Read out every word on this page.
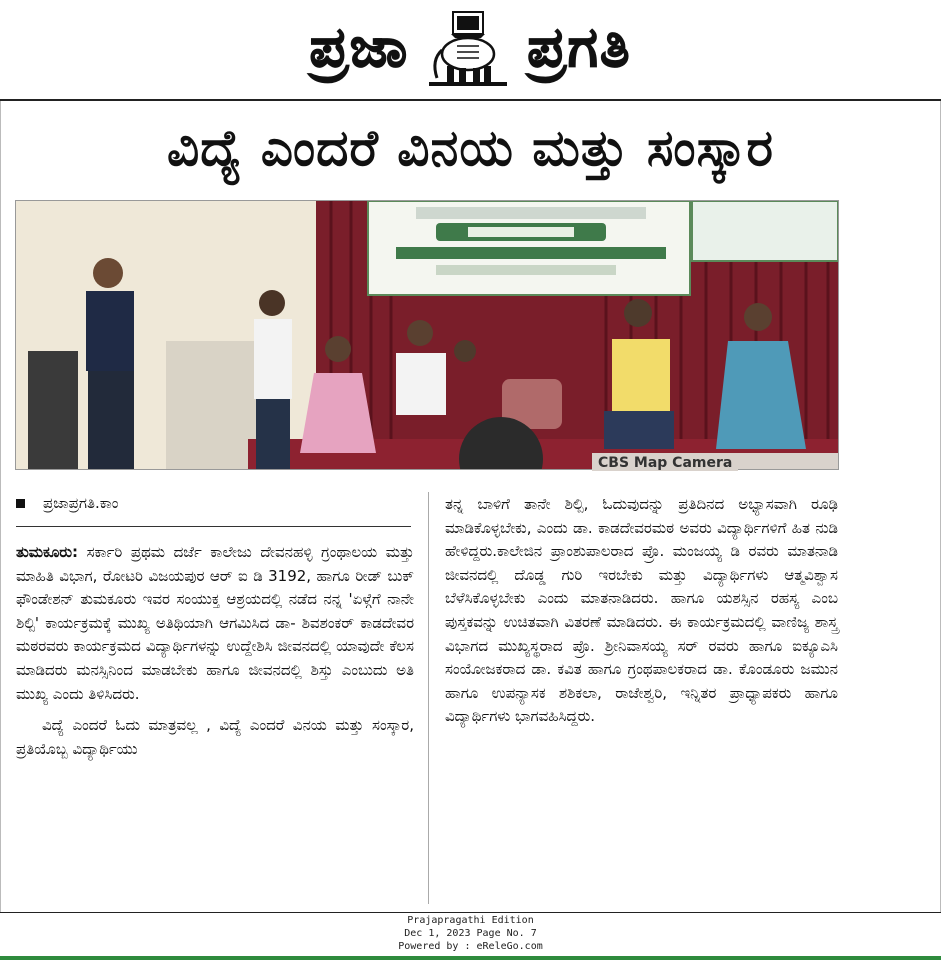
ಪ್ರಜಾ ಪ್ರಗತಿ
ವಿದ್ಯೆ ಎಂದರೆ ವಿನಯ ಮತ್ತು ಸಂಸ್ಕಾರ
CBS Map Camera
ಪ್ರಜಾಪ್ರಗತಿ.ಕಾಂ

ತುಮಕೂರು: ಸರ್ಕಾರಿ ಪ್ರಥಮ ದರ್ಜೆ ಕಾಲೇಜು ದೇವನಹಳ್ಳಿ ಗ್ರಂಥಾಲಯ ಮತ್ತು ಮಾಹಿತಿ ವಿಭಾಗ, ರೋಟರಿ ವಿಜಯಪುರ ಆರ್ ಐ ಡಿ 3192, ಹಾಗೂ ರೀಡ್ ಬುಕ್ ಫೌಂಡೇಶನ್ ತುಮಕೂರು ಇವರ ಸಂಯುಕ್ತ ಆಶ್ರಯದಲ್ಲಿ ನಡೆದ ನನ್ನ 'ಏಳ್ಗೆಗೆ ನಾನೇ ಶಿಲ್ಪಿ' ಕಾರ್ಯಕ್ರಮಕ್ಕೆ ಮುಖ್ಯ ಅತಿಥಿಯಾಗಿ ಆಗಮಿಸಿದ ಡಾ- ಶಿವಶಂಕರ್ ಕಾಡದೇವರ ಮಠರವರು ಕಾರ್ಯಕ್ರಮದ ವಿದ್ಯಾರ್ಥಿಗಳನ್ನು ಉದ್ದೇಶಿಸಿ ಜೀವನದಲ್ಲಿ ಯಾವುದೇ ಕೆಲಸ ಮಾಡಿದರು ಮನಸ್ಸಿನಿಂದ ಮಾಡಬೇಕು ಹಾಗೂ ಜೀವನದಲ್ಲಿ ಶಿಸ್ತು ಎಂಬುದು ಅತಿ ಮುಖ್ಯ ಎಂದು ತಿಳಿಸಿದರು.

ವಿದ್ಯೆ ಎಂದರೆ ಓದು ಮಾತ್ರವಲ್ಲ , ವಿದ್ಯೆ ಎಂದರೆ ವಿನಯ ಮತ್ತು ಸಂಸ್ಕಾರ, ಪ್ರತಿಯೊಬ್ಬ ವಿದ್ಯಾರ್ಥಿಯು

ತನ್ನ ಬಾಳಿಗೆ ತಾನೇ ಶಿಲ್ಪಿ, ಓದುವುದನ್ನು ಪ್ರತಿದಿನದ ಅಭ್ಯಾಸವಾಗಿ ರೂಢಿ ಮಾಡಿಕೊಳ್ಳಬೇಕು, ಎಂದು ಡಾ. ಕಾಡದೇವರಮಠ ಅವರು ವಿದ್ಯಾರ್ಥಿಗಳಿಗೆ ಹಿತ ನುಡಿ ಹೇಳಿದ್ದರು.ಕಾಲೇಜಿನ ಪ್ರಾಂಶುಪಾಲರಾದ ಪ್ರೊ. ಮಂಜಯ್ಯ ಡಿ ರವರು ಮಾತನಾಡಿ ಜೀವನದಲ್ಲಿ ದೊಡ್ಡ ಗುರಿ ಇರಬೇಕು ಮತ್ತು ವಿದ್ಯಾರ್ಥಿಗಳು ಆತ್ಮವಿಶ್ವಾಸ ಬೆಳೆಸಿಕೊಳ್ಳಬೇಕು ಎಂದು ಮಾತನಾಡಿದರು. ಹಾಗೂ ಯಶಸ್ಸಿನ ರಹಸ್ಯ ಎಂಬ ಪುಸ್ತಕವನ್ನು ಉಚಿತವಾಗಿ ವಿತರಣೆ ಮಾಡಿದರು. ಈ ಕಾರ್ಯಕ್ರಮದಲ್ಲಿ ವಾಣಿಜ್ಯ ಶಾಸ್ತ್ರ ವಿಭಾಗದ ಮುಖ್ಯಸ್ಥರಾದ ಪ್ರೊ. ಶ್ರೀನಿವಾಸಯ್ಯ ಸರ್ ರವರು ಹಾಗೂ ಐಕ್ಯೂಎಸಿ ಸಂಯೋಜಕರಾದ ಡಾ. ಕವಿತ ಹಾಗೂ ಗ್ರಂಥಪಾಲಕರಾದ ಡಾ. ಕೊಂಡೂರು ಜಮುನ ಹಾಗೂ ಉಪನ್ಯಾಸಕ ಶಶಿಕಲಾ, ರಾಜೇಶ್ವರಿ, ಇನ್ನಿತರ ಪ್ರಾಧ್ಯಾಪಕರು ಹಾಗೂ ವಿದ್ಯಾರ್ಥಿಗಳು ಭಾಗವಹಿಸಿದ್ದರು.

Prajapragathi Edition
Dec 1, 2023 Page No. 7
Powered by : eReleGo.com
